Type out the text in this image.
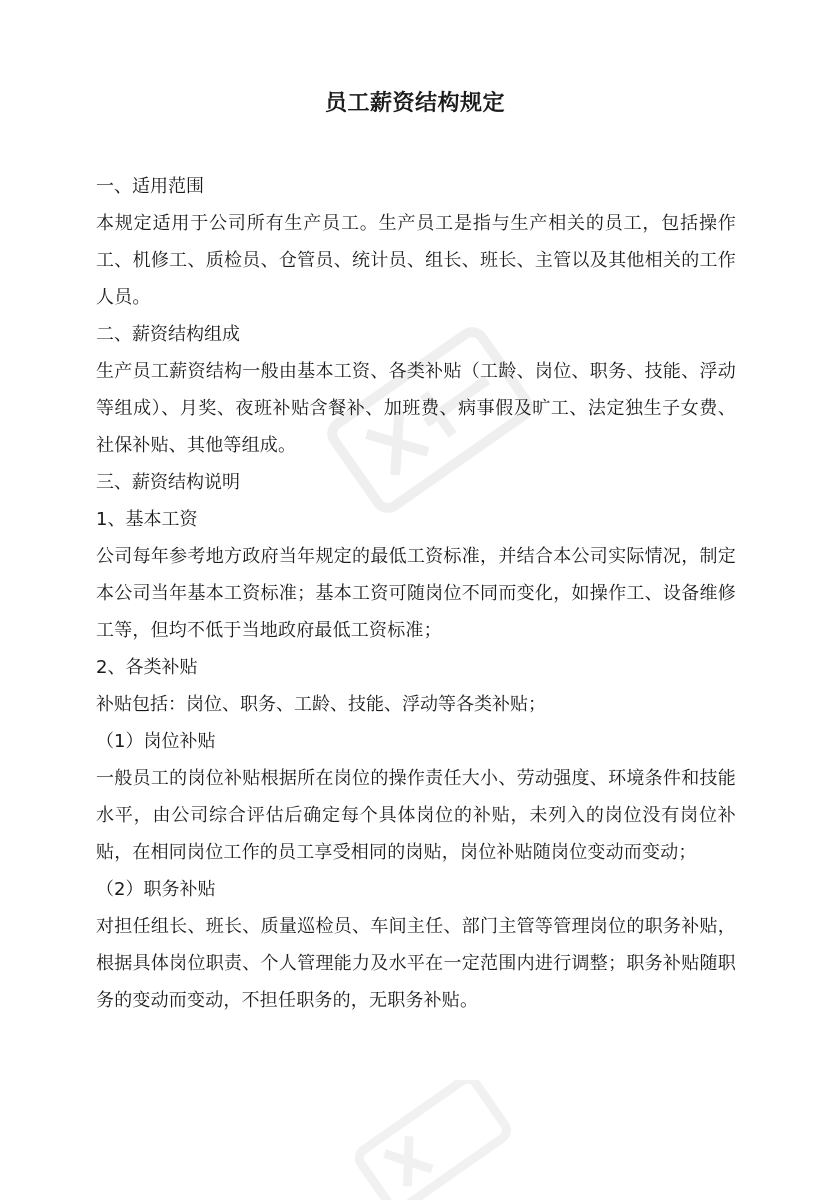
员工薪资结构规定

一、适用范围

本规定适用于公司所有生产员工。生产员工是指与生产相关的员工，包括操作工、机修工、质检员、仓管员、统计员、组长、班长、主管以及其他相关的工作人员。

二、薪资结构组成

生产员工薪资结构一般由基本工资、各类补贴（工龄、岗位、职务、技能、浮动等组成）、月奖、夜班补贴含餐补、加班费、病事假及旷工、法定独生子女费、社保补贴、其他等组成。

三、薪资结构说明

1、基本工资

公司每年参考地方政府当年规定的最低工资标准，并结合本公司实际情况，制定本公司当年基本工资标准；基本工资可随岗位不同而变化，如操作工、设备维修工等，但均不低于当地政府最低工资标准；

2、各类补贴

补贴包括：岗位、职务、工龄、技能、浮动等各类补贴；

（1）岗位补贴

一般员工的岗位补贴根据所在岗位的操作责任大小、劳动强度、环境条件和技能水平，由公司综合评估后确定每个具体岗位的补贴，未列入的岗位没有岗位补贴，在相同岗位工作的员工享受相同的岗贴，岗位补贴随岗位变动而变动；

（2）职务补贴

对担任组长、班长、质量巡检员、车间主任、部门主管等管理岗位的职务补贴，根据具体岗位职责、个人管理能力及水平在一定范围内进行调整；职务补贴随职务的变动而变动，不担任职务的，无职务补贴。
